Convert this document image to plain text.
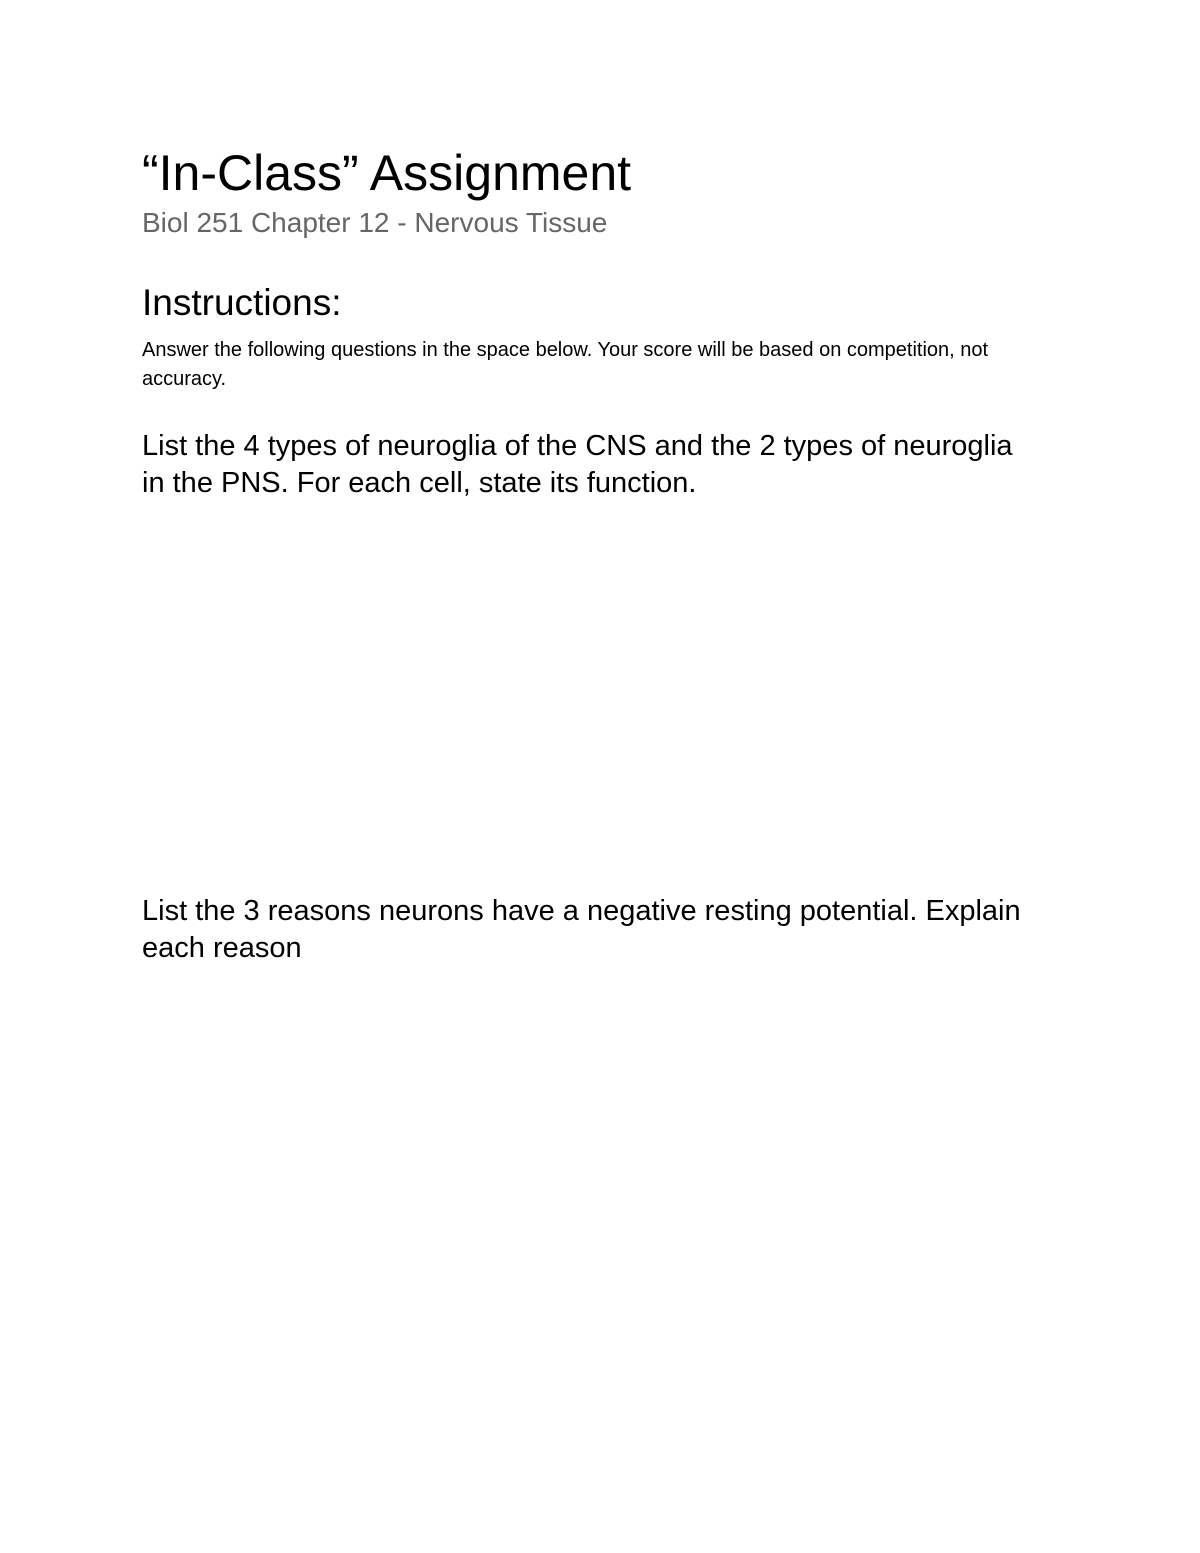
“In-Class” Assignment
Biol 251 Chapter 12 - Nervous Tissue
Instructions:

Answer the following questions in the space below. Your score will be based on competition, not accuracy.

List the 4 types of neuroglia of the CNS and the 2 types of neuroglia in the PNS. For each cell, state its function.

List the 3 reasons neurons have a negative resting potential. Explain each reason
